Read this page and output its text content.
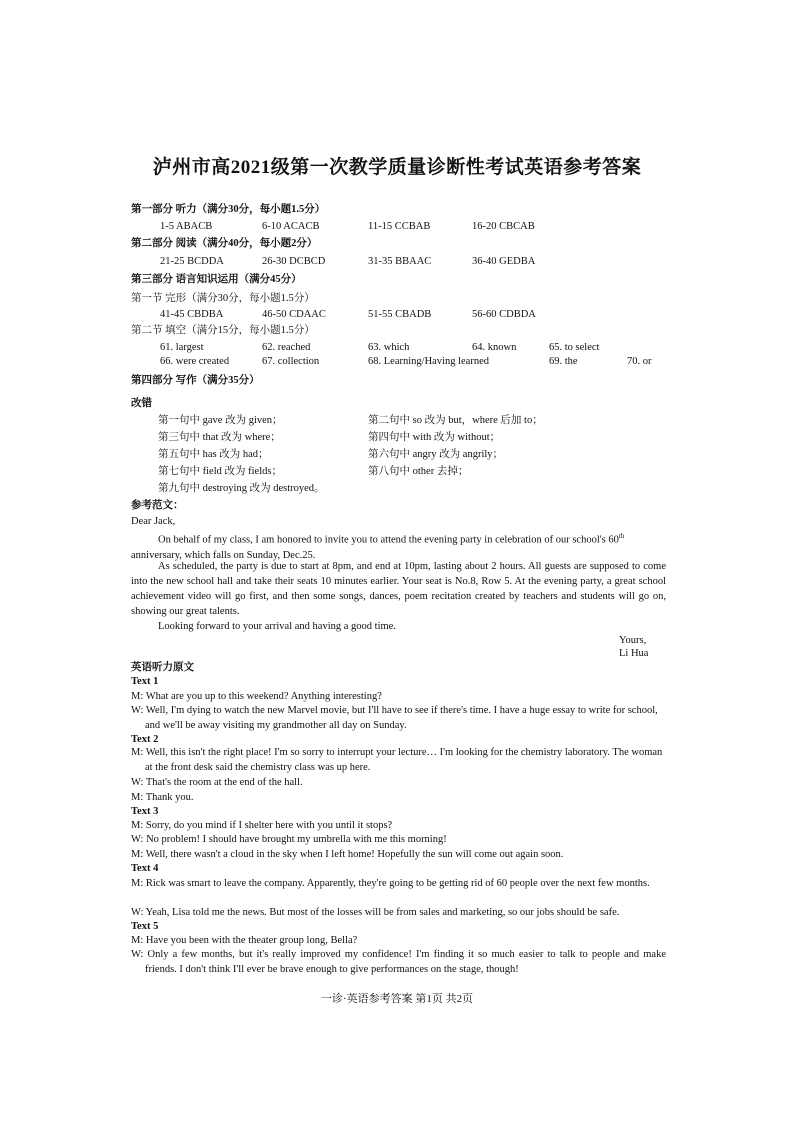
泸州市高2021级第一次教学质量诊断性考试英语参考答案
第一部分 听力（满分30分，每小题1.5分）
1-5 ABACB	6-10 ACACB	11-15 CCBAB	16-20 CBCAB
第二部分 阅读（满分40分，每小题2分）
21-25 BCDDA	26-30 DCBCD	31-35 BBAAC	36-40 GEDBA
第三部分 语言知识运用（满分45分）
第一节 完形（满分30分，每小题1.5分）
41-45 CBDBA	46-50 CDAAC	51-55 CBADB	56-60 CDBDA
第二节 填空（满分15分，每小题1.5分）
61. largest	62. reached	63. which	64. known	65. to select
66. were created	67. collection	68. Learning/Having learned	69. the	70. or
第四部分 写作（满分35分）
改错
第一句中 gave 改为 given；	第二句中 so 改为 but，where 后加 to；
第三句中 that 改为 where；	第四句中 with 改为 without；
第五句中 has 改为 had；	第六句中 angry 改为 angrily；
第七句中 field 改为 fields；	第八句中 other 去掉；
第九句中 destroying 改为 destroyed。
参考范文：
Dear Jack,
On behalf of my class, I am honored to invite you to attend the evening party in celebration of our school's 60th anniversary, which falls on Sunday, Dec.25.
As scheduled, the party is due to start at 8pm, and end at 10pm, lasting about 2 hours. All guests are supposed to come into the new school hall and take their seats 10 minutes earlier. Your seat is No.8, Row 5. At the evening party, a great school achievement video will go first, and then some songs, dances, poem recitation created by teachers and students will go on, showing our great talents.
Looking forward to your arrival and having a good time.
Yours,
Li Hua
英语听力原文
Text 1
M: What are you up to this weekend? Anything interesting?
W: Well, I'm dying to watch the new Marvel movie, but I'll have to see if there's time. I have a huge essay to write for school, and we'll be away visiting my grandmother all day on Sunday.
Text 2
M: Well, this isn't the right place! I'm so sorry to interrupt your lecture… I'm looking for the chemistry laboratory. The woman at the front desk said the chemistry class was up here.
W: That's the room at the end of the hall.
M: Thank you.
Text 3
M: Sorry, do you mind if I shelter here with you until it stops?
W: No problem! I should have brought my umbrella with me this morning!
M: Well, there wasn't a cloud in the sky when I left home! Hopefully the sun will come out again soon.
Text 4
M: Rick was smart to leave the company. Apparently, they're going to be getting rid of 60 people over the next few months.
W: Yeah, Lisa told me the news. But most of the losses will be from sales and marketing, so our jobs should be safe.
Text 5
M: Have you been with the theater group long, Bella?
W: Only a few months, but it's really improved my confidence! I'm finding it so much easier to talk to people and make friends. I don't think I'll ever be brave enough to give performances on the stage, though!
一诊·英语参考答案 第1页 共2页
